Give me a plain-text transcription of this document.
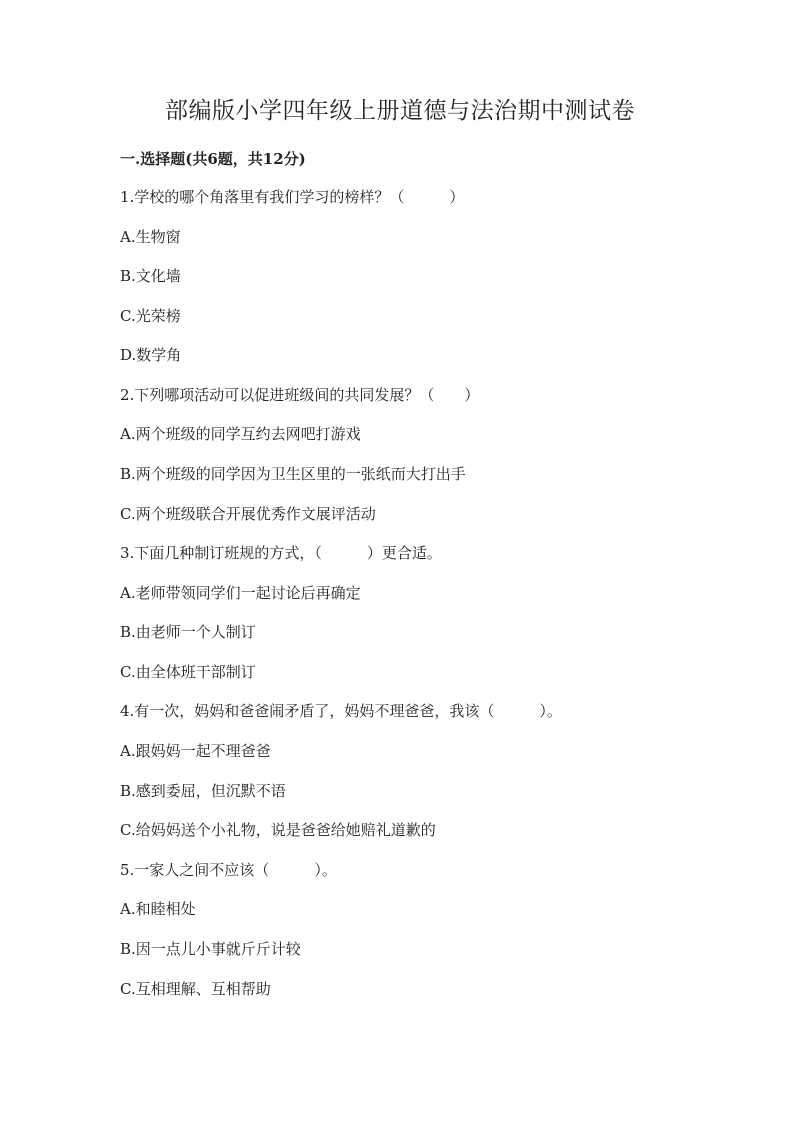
部编版小学四年级上册道德与法治期中测试卷
一.选择题(共6题，共12分)
1.学校的哪个角落里有我们学习的榜样？（　　　）
A.生物窗
B.文化墙
C.光荣榜
D.数学角
2.下列哪项活动可以促进班级间的共同发展？（　　）
A.两个班级的同学互约去网吧打游戏
B.两个班级的同学因为卫生区里的一张纸而大打出手
C.两个班级联合开展优秀作文展评活动
3.下面几种制订班规的方式，（　　　）更合适。
A.老师带领同学们一起讨论后再确定
B.由老师一个人制订
C.由全体班干部制订
4.有一次，妈妈和爸爸闹矛盾了，妈妈不理爸爸，我该（　　　）。
A.跟妈妈一起不理爸爸
B.感到委屈，但沉默不语
C.给妈妈送个小礼物，说是爸爸给她赔礼道歉的
5.一家人之间不应该（　　　）。
A.和睦相处
B.因一点儿小事就斤斤计较
C.互相理解、互相帮助
